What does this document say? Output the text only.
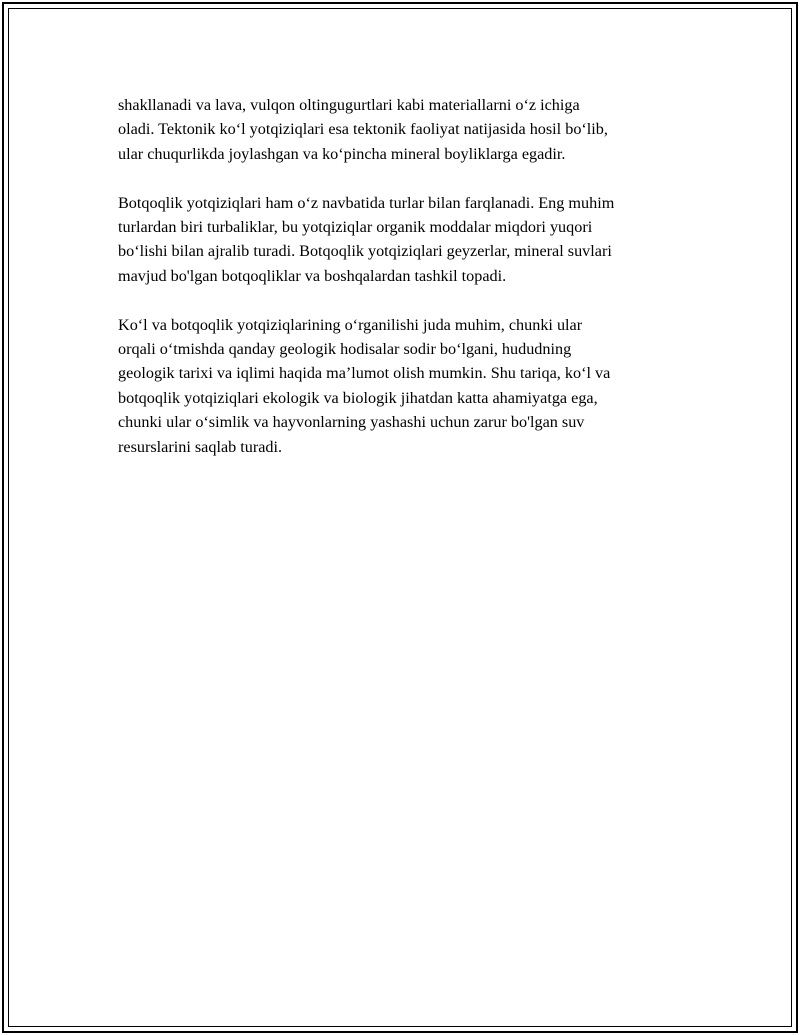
shakllanadi va lava, vulqon oltingugurtlari kabi materiallarni o‘z ichiga
oladi. Tektonik ko‘l yotqiziqlari esa tektonik faoliyat natijasida hosil bo‘lib,
ular chuqurlikda joylashgan va ko‘pincha mineral boyliklarga egadir.

Botqoqlik yotqiziqlari ham o‘z navbatida turlar bilan farqlanadi. Eng muhim
turlardan biri turbaliklar, bu yotqiziqlar organik moddalar miqdori yuqori
bo‘lishi bilan ajralib turadi. Botqoqlik yotqiziqlari geyzerlar, mineral suvlari
mavjud bo'lgan botqoqliklar va boshqalardan tashkil topadi.

Ko‘l va botqoqlik yotqiziqlarining o‘rganilishi juda muhim, chunki ular
orqali o‘tmishda qanday geologik hodisalar sodir bo‘lgani, hududning
geologik tarixi va iqlimi haqida ma’lumot olish mumkin. Shu tariqa, ko‘l va
botqoqlik yotqiziqlari ekologik va biologik jihatdan katta ahamiyatga ega,
chunki ular o‘simlik va hayvonlarning yashashi uchun zarur bo'lgan suv
resurslarini saqlab turadi.
